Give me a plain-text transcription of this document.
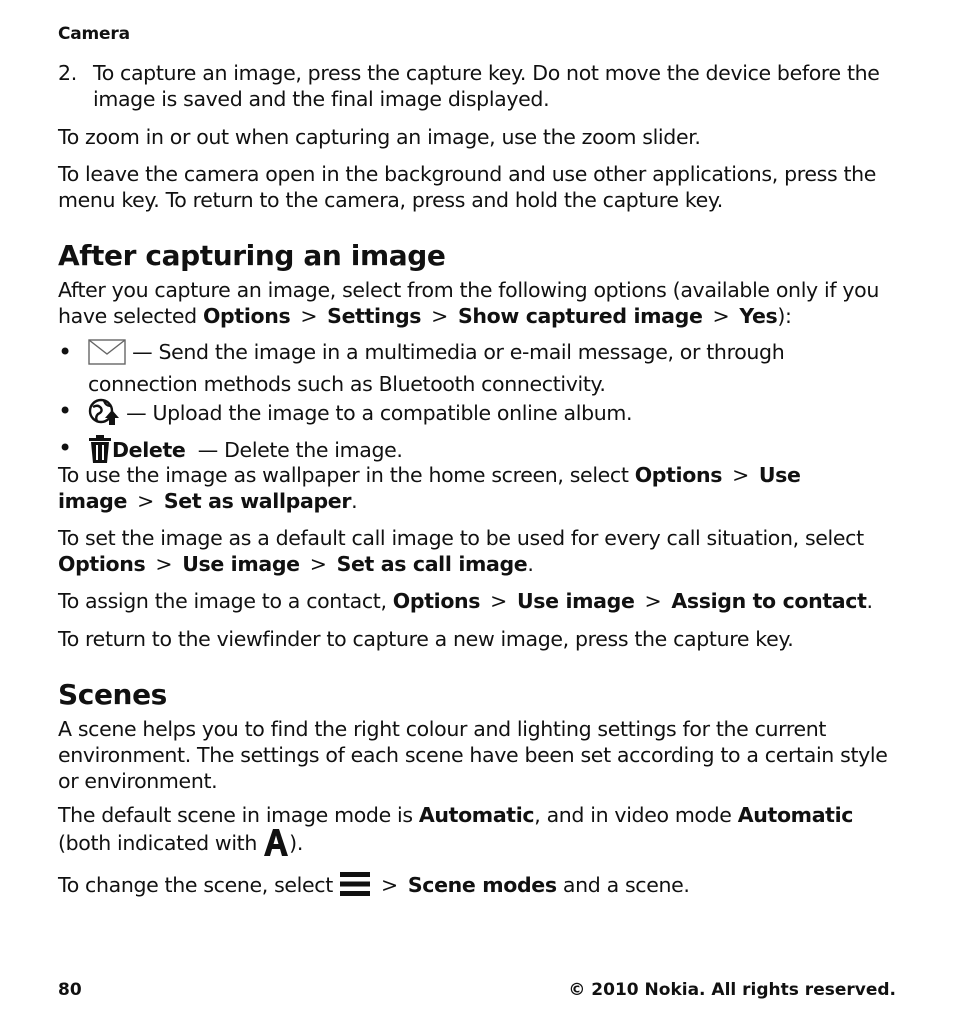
Camera
2. To capture an image, press the capture key. Do not move the device before the image is saved and the final image displayed.

To zoom in or out when capturing an image, use the zoom slider.

To leave the camera open in the background and use other applications, press the menu key. To return to the camera, press and hold the capture key.

After capturing an image

After you capture an image, select from the following options (available only if you have selected Options > Settings > Show captured image > Yes):

• — Send the image in a multimedia or e-mail message, or through connection methods such as Bluetooth connectivity.
• — Upload the image to a compatible online album.
• Delete  — Delete the image.

To use the image as wallpaper in the home screen, select Options > Use image > Set as wallpaper.

To set the image as a default call image to be used for every call situation, select Options > Use image > Set as call image.

To assign the image to a contact, Options > Use image > Assign to contact.

To return to the viewfinder to capture a new image, press the capture key.

Scenes

A scene helps you to find the right colour and lighting settings for the current environment. The settings of each scene have been set according to a certain style or environment.

The default scene in image mode is Automatic, and in video mode Automatic (both indicated with ).

To change the scene, select > Scene modes and a scene.

80	© 2010 Nokia. All rights reserved.
